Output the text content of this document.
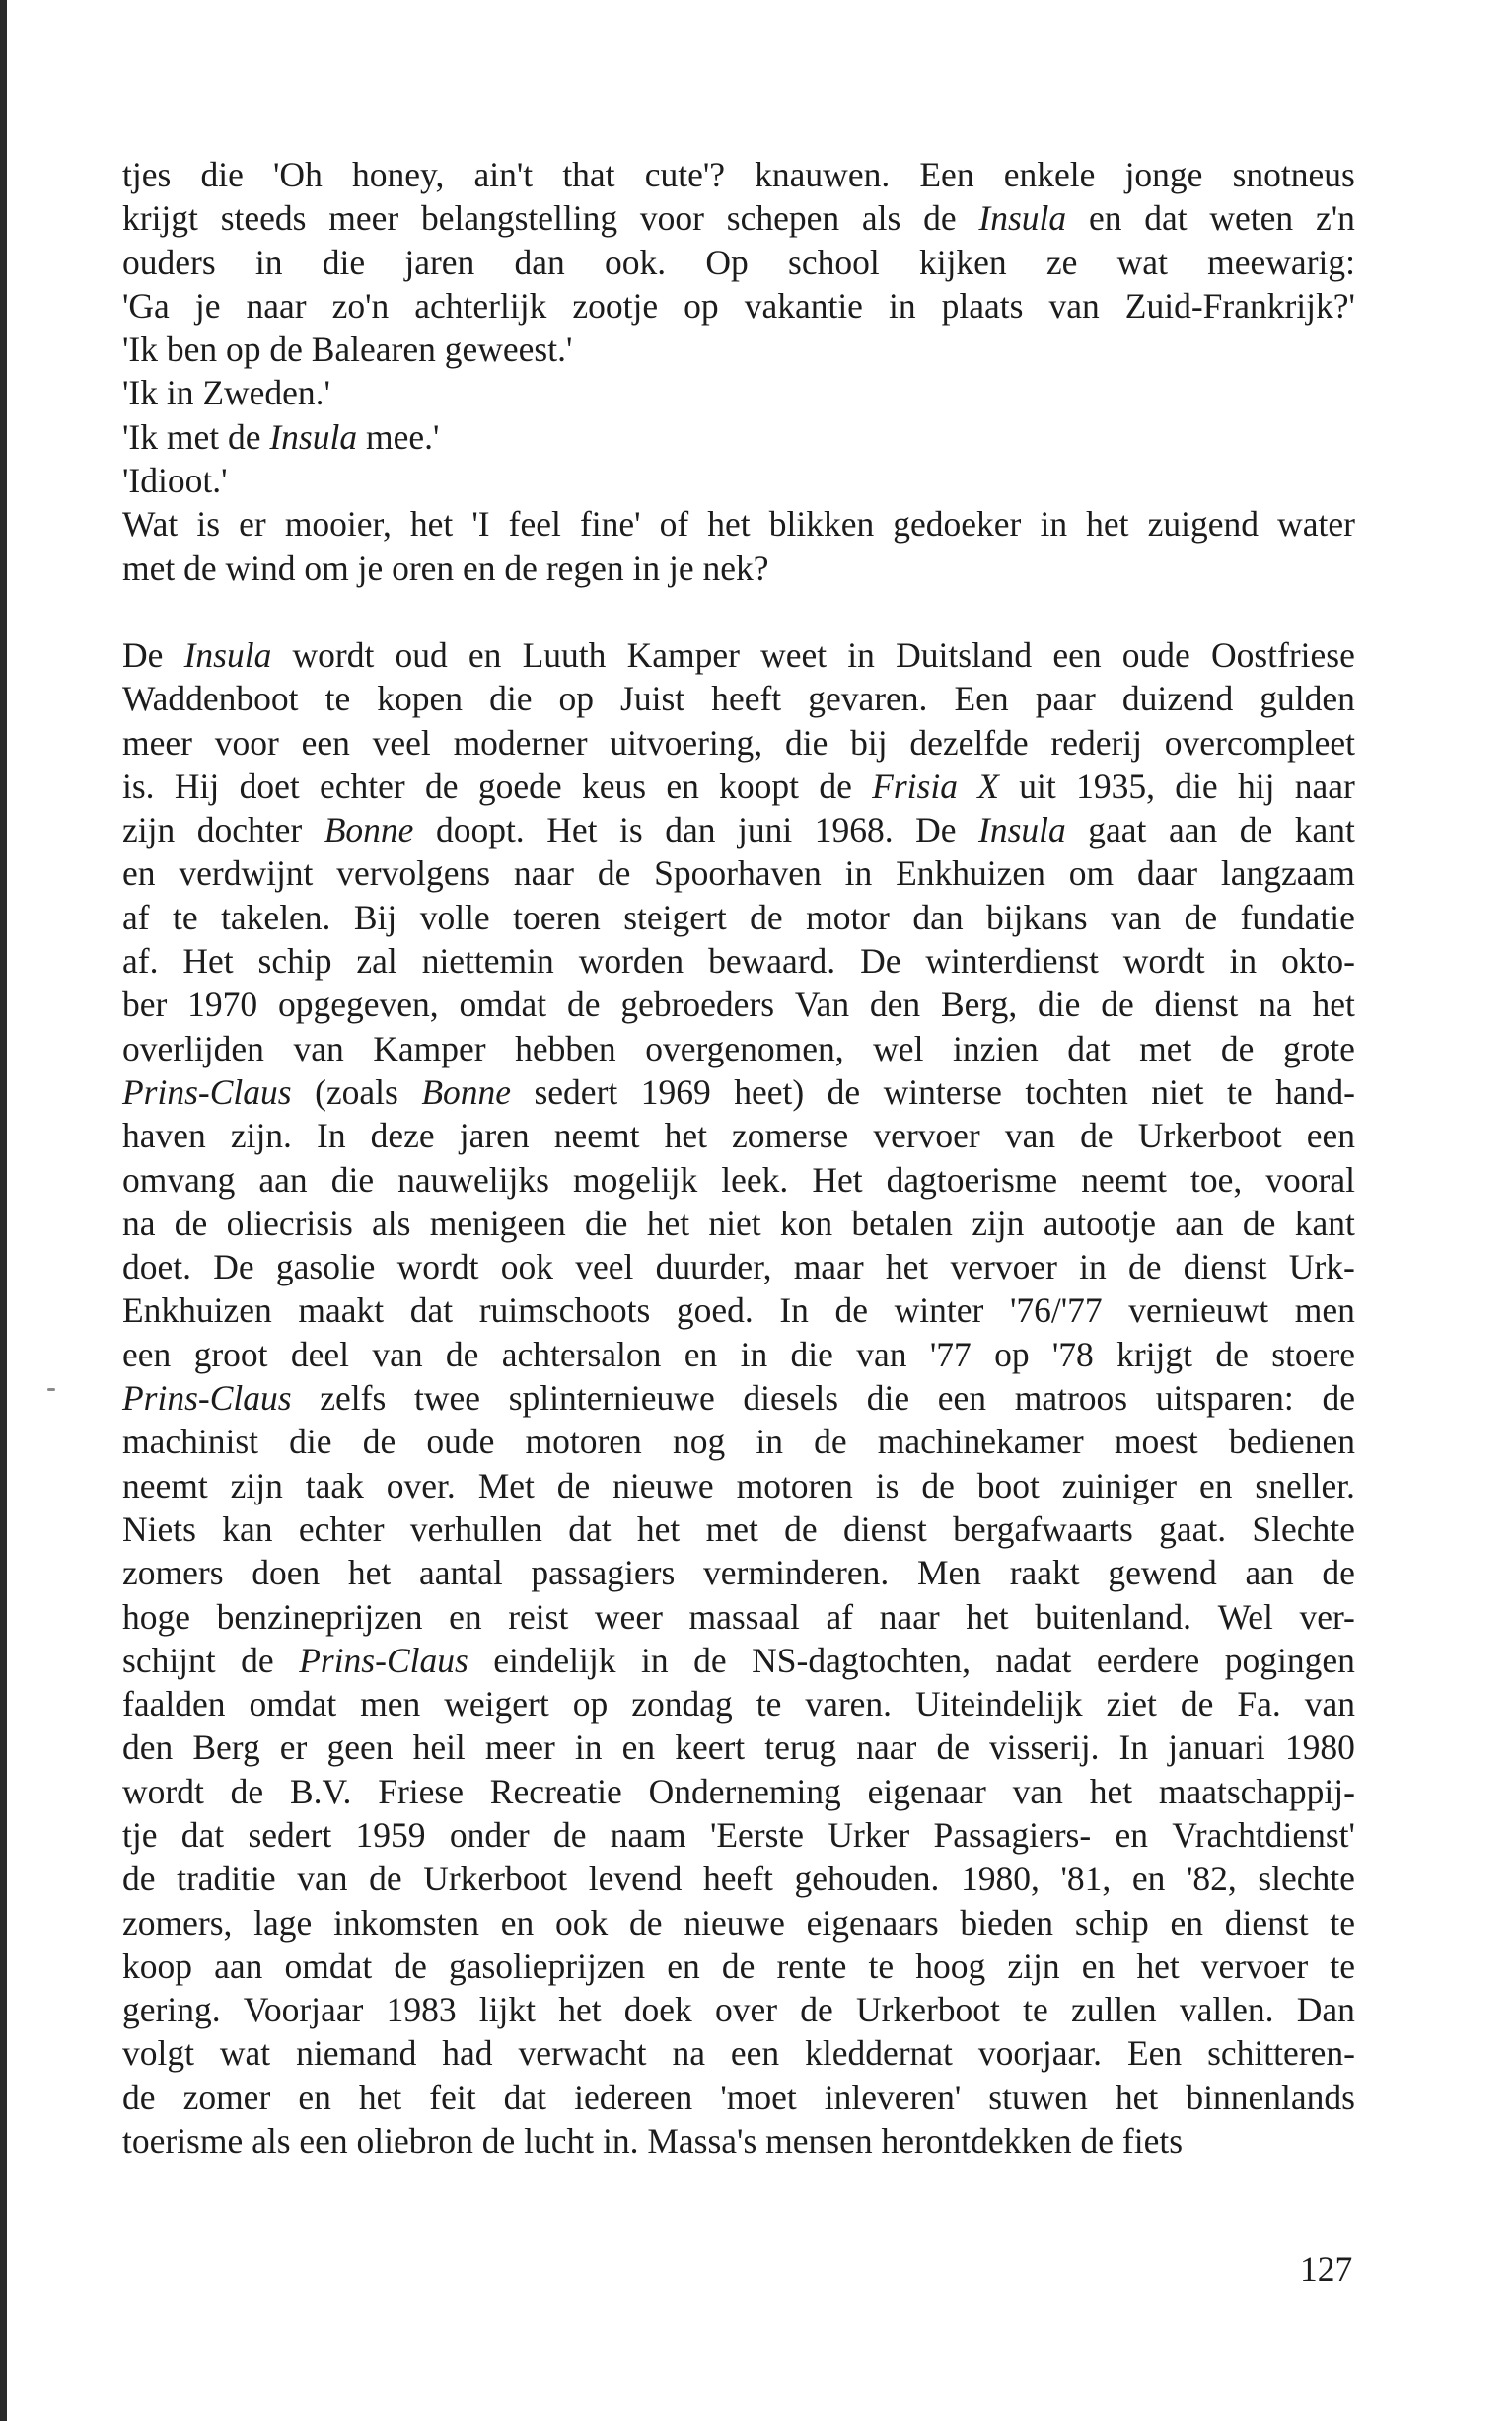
tjes die 'Oh honey, ain't that cute'? knauwen. Een enkele jonge snotneus
krijgt steeds meer belangstelling voor schepen als de Insula en dat weten z'n
ouders in die jaren dan ook. Op school kijken ze wat meewarig:
'Ga je naar zo'n achterlijk zootje op vakantie in plaats van Zuid-Frankrijk?'
'Ik ben op de Balearen geweest.'
'Ik in Zweden.'
'Ik met de Insula mee.'
'Idioot.'
Wat is er mooier, het 'I feel fine' of het blikken gedoeker in het zuigend water
met de wind om je oren en de regen in je nek?
De Insula wordt oud en Luuth Kamper weet in Duitsland een oude Oostfriese
Waddenboot te kopen die op Juist heeft gevaren. Een paar duizend gulden
meer voor een veel moderner uitvoering, die bij dezelfde rederij overcompleet
is. Hij doet echter de goede keus en koopt de Frisia X uit 1935, die hij naar
zijn dochter Bonne doopt. Het is dan juni 1968. De Insula gaat aan de kant
en verdwijnt vervolgens naar de Spoorhaven in Enkhuizen om daar langzaam
af te takelen. Bij volle toeren steigert de motor dan bijkans van de fundatie
af. Het schip zal niettemin worden bewaard. De winterdienst wordt in okto-
ber 1970 opgegeven, omdat de gebroeders Van den Berg, die de dienst na het
overlijden van Kamper hebben overgenomen, wel inzien dat met de grote
Prins-Claus (zoals Bonne sedert 1969 heet) de winterse tochten niet te hand-
haven zijn. In deze jaren neemt het zomerse vervoer van de Urkerboot een
omvang aan die nauwelijks mogelijk leek. Het dagtoerisme neemt toe, vooral
na de oliecrisis als menigeen die het niet kon betalen zijn autootje aan de kant
doet. De gasolie wordt ook veel duurder, maar het vervoer in de dienst Urk-
Enkhuizen maakt dat ruimschoots goed. In de winter '76/'77 vernieuwt men
een groot deel van de achtersalon en in die van '77 op '78 krijgt de stoere
Prins-Claus zelfs twee splinternieuwe diesels die een matroos uitsparen: de
machinist die de oude motoren nog in de machinekamer moest bedienen
neemt zijn taak over. Met de nieuwe motoren is de boot zuiniger en sneller.
Niets kan echter verhullen dat het met de dienst bergafwaarts gaat. Slechte
zomers doen het aantal passagiers verminderen. Men raakt gewend aan de
hoge benzineprijzen en reist weer massaal af naar het buitenland. Wel ver-
schijnt de Prins-Claus eindelijk in de NS-dagtochten, nadat eerdere pogingen
faalden omdat men weigert op zondag te varen. Uiteindelijk ziet de Fa. van
den Berg er geen heil meer in en keert terug naar de visserij. In januari 1980
wordt de B.V. Friese Recreatie Onderneming eigenaar van het maatschappij-
tje dat sedert 1959 onder de naam 'Eerste Urker Passagiers- en Vrachtdienst'
de traditie van de Urkerboot levend heeft gehouden. 1980, '81, en '82, slechte
zomers, lage inkomsten en ook de nieuwe eigenaars bieden schip en dienst te
koop aan omdat de gasolieprijzen en de rente te hoog zijn en het vervoer te
gering. Voorjaar 1983 lijkt het doek over de Urkerboot te zullen vallen. Dan
volgt wat niemand had verwacht na een kleddernat voorjaar. Een schitteren-
de zomer en het feit dat iedereen 'moet inleveren' stuwen het binnenlands
toerisme als een oliebron de lucht in. Massa's mensen herontdekken de fiets
127
